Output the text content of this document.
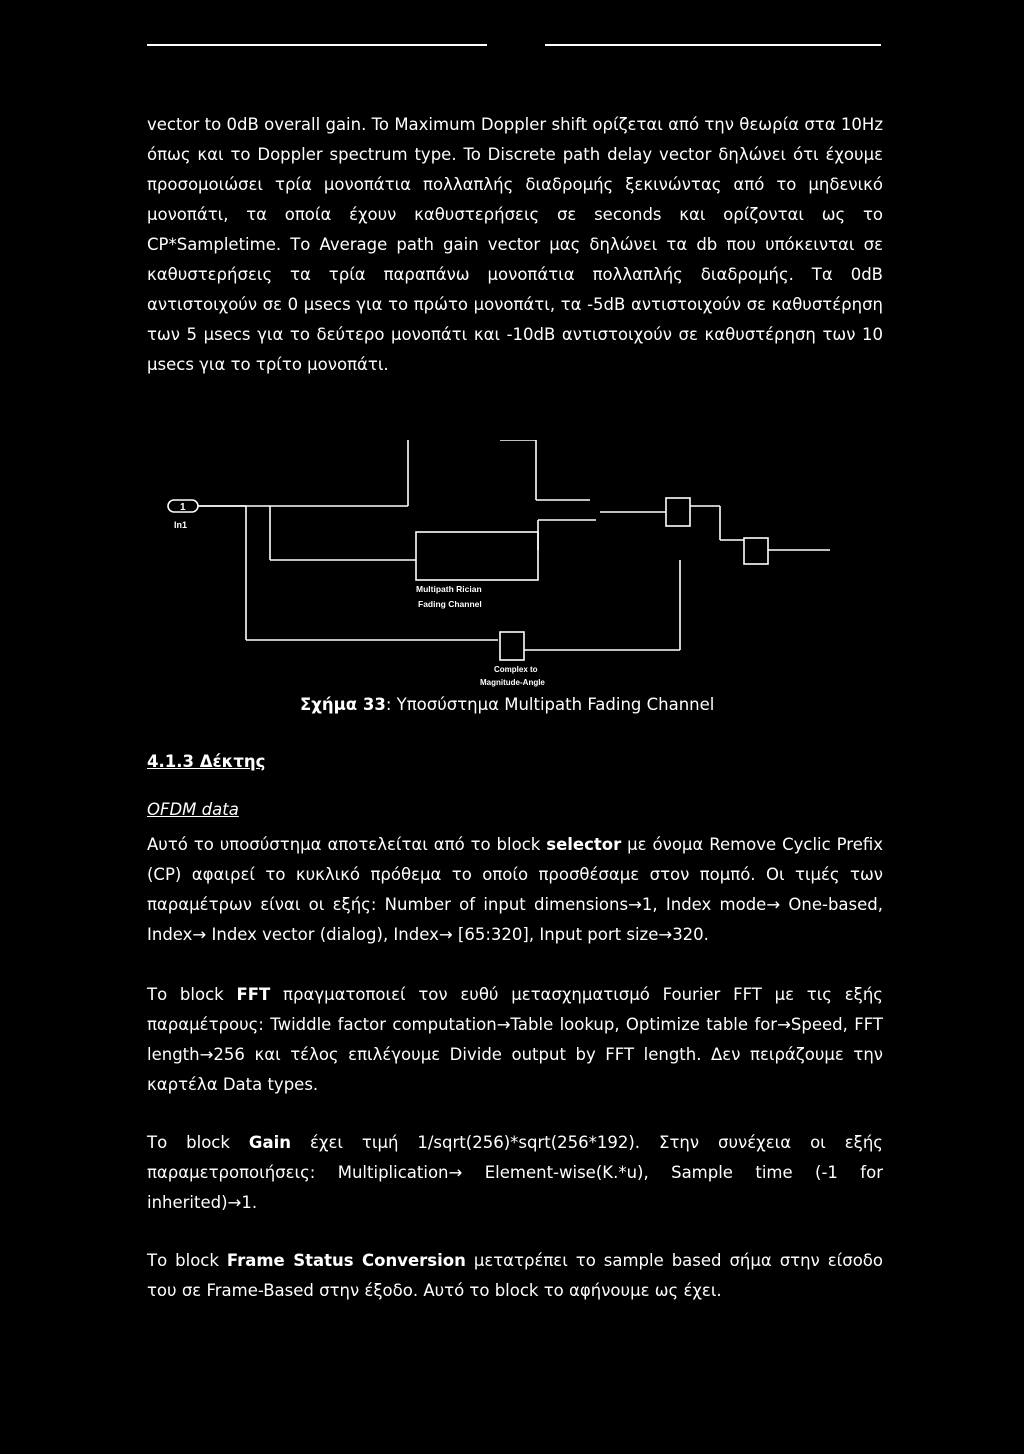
vector to 0dB overall gain. To Maximum Doppler shift ορίζεται από την θεωρία στα 10Hz όπως και το Doppler spectrum type. To Discrete path delay vector δηλώνει ότι έχουμε προσομοιώσει τρία μονοπάτια πολλαπλής διαδρομής ξεκινώντας από το μηδενικό μονοπάτι, τα οποία έχουν καθυστερήσεις σε seconds και ορίζονται ως το CP*Sampletime. Το Average path gain vector μας δηλώνει τα db που υπόκεινται σε καθυστερήσεις τα τρία παραπάνω μονοπάτια πολλαπλής διαδρομής. Τα 0dB αντιστοιχούν σε 0 μsecs για το πρώτο μονοπάτι, τα -5dB αντιστοιχούν σε καθυστέρηση των 5 μsecs για το δεύτερο μονοπάτι και -10dB αντιστοιχούν σε καθυστέρηση των 10 μsecs για το τρίτο μονοπάτι.

1
In1
Multipath Rician
Fading Channel
Complex to
Magnitude-Angle
Σχήμα 33: Υποσύστημα Multipath Fading Channel

4.1.3 Δέκτης

OFDM data

Αυτό το υποσύστημα αποτελείται από το block selector με όνομα Remove Cyclic Prefix (CP) αφαιρεί το κυκλικό πρόθεμα το οποίο προσθέσαμε στον πομπό. Οι τιμές των παραμέτρων είναι οι εξής: Number of input dimensions→1, Index mode→ One-based, Index→ Index vector (dialog), Index→ [65:320], Input port size→320.

Το block FFT πραγματοποιεί τον ευθύ μετασχηματισμό Fourier FFT με τις εξής παραμέτρους: Twiddle factor computation→Table lookup, Optimize table for→Speed, FFT length→256 και τέλος επιλέγουμε Divide output by FFT length. Δεν πειράζουμε την καρτέλα Data types.

Το block Gain έχει τιμή 1/sqrt(256)*sqrt(256*192). Στην συνέχεια οι εξής παραμετροποιήσεις: Multiplication→ Element-wise(K.*u), Sample time (-1 for inherited)→1.

Το block Frame Status Conversion μετατρέπει το sample based σήμα στην είσοδο του σε Frame-Based στην έξοδο. Αυτό το block το αφήνουμε ως έχει.
